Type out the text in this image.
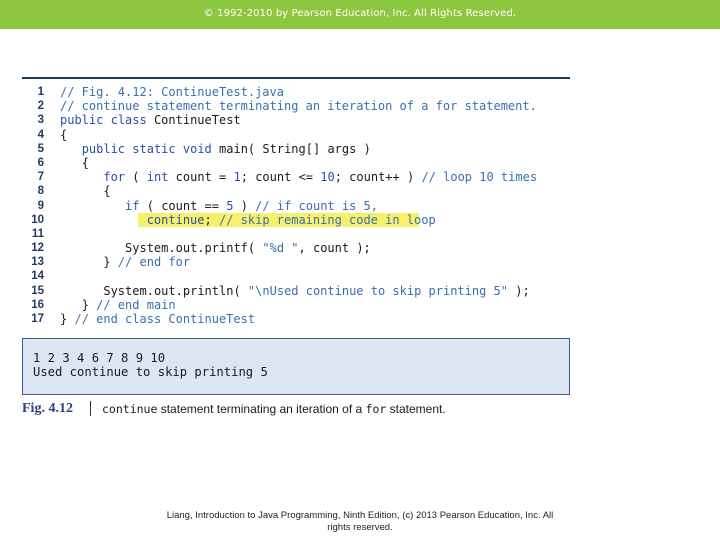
© 1992-2010 by Pearson Education, Inc. All Rights Reserved.
1 // Fig. 4.12: ContinueTest.java
2 // continue statement terminating an iteration of a for statement.
3 public class ContinueTest
4 {
5	public static void main( String[] args )
6	{
7	for ( int count = 1; count <= 10; count++ ) // loop 10 times
8	{
9	if ( count == 5 ) // if count is 5,
10	continue; // skip remaining code in loop
11
12	System.out.printf( "%d ", count );
13	} // end for
14
15	System.out.println( "\nUsed continue to skip printing 5" );
16	} // end main
17 } // end class ContinueTest
1 2 3 4 6 7 8 9 10
Used continue to skip printing 5
Fig. 4.12	continue statement terminating an iteration of a for statement.
Liang, Introduction to Java Programming, Ninth Edition, (c) 2013 Pearson Education, Inc. All
rights reserved.
